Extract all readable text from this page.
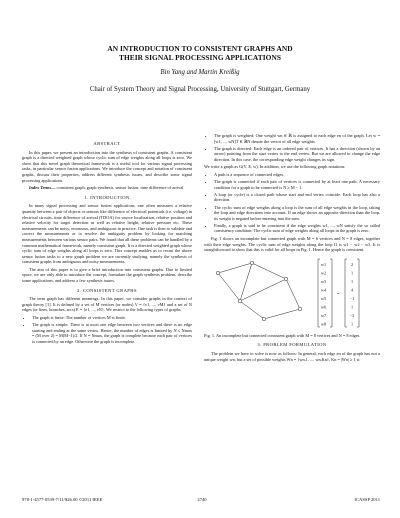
AN INTRODUCTION TO CONSISTENT GRAPHS AND
THEIR SIGNAL PROCESSING APPLICATIONS
Bin Yang and Martin Kreißig
Chair of System Theory and Signal Processing, University of Stuttgart, Germany
ABSTRACT

In this paper, we present an introduction into the synthesis of consistent graphs. A consistent graph is a directed weighted graph whose cyclic sum of edge weights along all loops is zero. We show that this novel graph theoretical framework is a useful tool for various signal processing tasks, in particular sensor fusion applications. We introduce the concept and notation of consistent graphs, discuss their properties, address different synthesis issues, and describe some signal processing applications.

Index Terms— consistent graph, graph synthesis, sensor fusion, time difference of arrival

1. INTRODUCTION

In many signal processing and sensor fusion applications, one often measures a relative quantity between a pair of objects or sensors like difference of electrical potentials (i.e. voltage) in electrical circuits, time difference of arrival (TDOA) for source localization, relative position and relative velocity for target detection as well as relative height, relative pressure etc. These measurements can be noisy, erroneous, and ambiguous in practice. One task is then to validate and correct the measurements or to resolve the ambiguity problem by looking for matching measurements between various sensor pairs. We found that all these problems can be handled by a common mathematical framework, namely consistent graph. It is a directed weighted graph whose cyclic sum of edge weights along all loops is zero. This concept enables us to recast the above sensor fusion tasks to a new graph problem we are currently studying, namely the synthesis of consistent graphs from ambiguous and noisy measurements.

The aim of this paper is to give a brief introduction into consistent graphs. Due to limited space, we are only able to introduce the concept, formulate the graph synthesis problem, describe some applications, and address a few synthesis issues.

2. CONSISTENT GRAPHS

The term graph has different meanings. In this paper, we consider graphs in the context of graph theory [1]. It is defined by a set of M vertices (or nodes) V = {v1, ..., vM} and a set of N edges (or lines, branches, arcs) E = {e1, ..., eN}. We restrict to the following types of graphs.

• The graph is finite: The number of vertices M is finite.
• The graph is simple: There is at most one edge between two vertices and there is no edge starting and ending at the same vertex. Hence, the number of edges is limited by N ≤ Nmax = (M over 2) = M(M−1)/2. If N = Nmax, the graph is complete because each pair of vertices is connected by an edge. Otherwise the graph is incomplete.
• The graph is weighted: One weight wn ∈ ℝ is assigned to each edge en of the graph. Let w = [w1, ..., wN]T ∈ ℝN denote the vector of all edge weights.
• The graph is directed: Each edge is an ordered pair of vertices. It has a direction (shown by an arrow) pointing from the start vertex to the end vertex. But we are allowed to change the edge direction. In this case, the corresponding edge weight changes its sign.

We write a graph as G(V, E, w). In addition, we use the following graph notations:

• A path is a sequence of connected edges.
• The graph is connected if each pair of vertices is connected by at least one path. A necessary condition for a graph to be connected is N ≥ M − 1.
• A loop (or cycle) is a closed path whose start and end vertex coincide. Each loop has also a direction.
• The cyclic sum of edge weights along a loop is the sum of all edge weights in the loop, taking the loop and edge directions into account. If an edge shows an opposite direction than the loop, its weight is negated before entering into the sum.
• Finally, a graph is said to be consistent if the edge weights w1, ..., wN satisfy the so called consistency condition: The cyclic sum of edge weights along all loops in the graph is zero.

Fig. 1 shows an incomplete but connected graph with M = 6 vertices and N = 8 edges, together with their edge weights. The cyclic sum of edge weights along the loop l1 is w1 − w2 − w3. It is straightforward to show that this is valid for all loops in Fig. 1. Hence the graph is consistent.

w1
w2
w3
w4
w5
w6
w7
w8
=
2
1
1
4
−1
1
−3
1

Fig. 1. An incomplete but connected consistent graph with M = 8 vertices and N = 8 edges.

3. PROBLEM FORMULATION

The problem we have to solve is now as follows: In general, each edge en of the graph has not a unique weight wn, but a set of possible weights Wn = {wn,1, ..., wn,Kn}, Kn = |Wn| ≥ 1 is

978-1-4577-0539-7/11/$26.00 ©2011 IEEE	2740	ICASSP 2011
